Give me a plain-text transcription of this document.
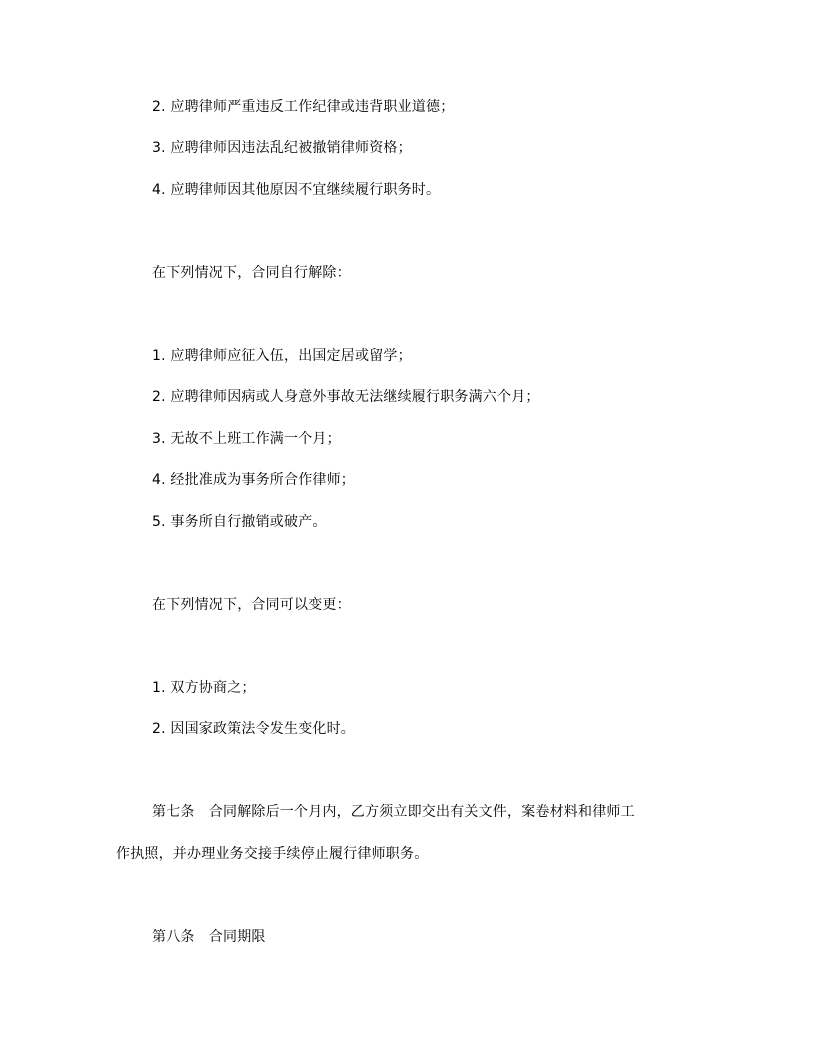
2. 应聘律师严重违反工作纪律或违背职业道德；
3. 应聘律师因违法乱纪被撤销律师资格；
4. 应聘律师因其他原因不宜继续履行职务时。
在下列情况下，合同自行解除：
1. 应聘律师应征入伍，出国定居或留学；
2. 应聘律师因病或人身意外事故无法继续履行职务满六个月；
3. 无故不上班工作满一个月；
4. 经批准成为事务所合作律师；
5. 事务所自行撤销或破产。
在下列情况下，合同可以变更：
1. 双方协商之；
2. 因国家政策法令发生变化时。
第七条　合同解除后一个月内，乙方须立即交出有关文件，案卷材料和律师工
作执照，并办理业务交接手续停止履行律师职务。
第八条　合同期限
